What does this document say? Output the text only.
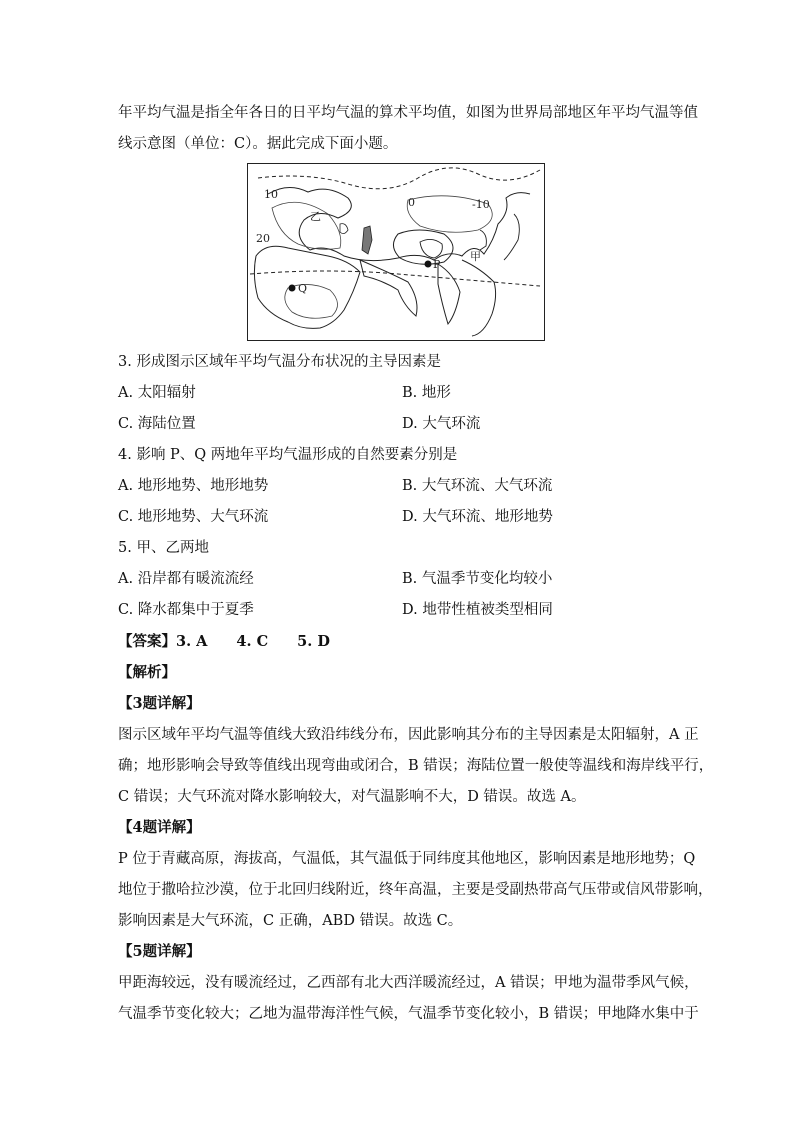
年平均气温是指全年各日的日平均气温的算术平均值，如图为世界局部地区年平均气温等值
线示意图（单位：C）。据此完成下面小题。
10
0	-10
20
乙
甲
P
Q
3. 形成图示区域年平均气温分布状况的主导因素是
A. 太阳辐射	B. 地形
C. 海陆位置	D. 大气环流
4. 影响 P、Q 两地年平均气温形成的自然要素分别是
A. 地形地势、地形地势	B. 大气环流、大气环流
C. 地形地势、大气环流	D. 大气环流、地形地势
5. 甲、乙两地
A. 沿岸都有暖流流经	B. 气温季节变化均较小
C. 降水都集中于夏季	D. 地带性植被类型相同
【答案】3. A　　4. C　　5. D
【解析】
【3题详解】
图示区域年平均气温等值线大致沿纬线分布，因此影响其分布的主导因素是太阳辐射，A 正
确；地形影响会导致等值线出现弯曲或闭合，B 错误；海陆位置一般使等温线和海岸线平行，
C 错误；大气环流对降水影响较大，对气温影响不大，D 错误。故选 A。
【4题详解】
P 位于青藏高原，海拔高，气温低，其气温低于同纬度其他地区，影响因素是地形地势；Q
地位于撒哈拉沙漠，位于北回归线附近，终年高温，主要是受副热带高气压带或信风带影响，
影响因素是大气环流，C 正确，ABD 错误。故选 C。
【5题详解】
甲距海较远，没有暖流经过，乙西部有北大西洋暖流经过，A 错误；甲地为温带季风气候，
气温季节变化较大；乙地为温带海洋性气候，气温季节变化较小，B 错误；甲地降水集中于
